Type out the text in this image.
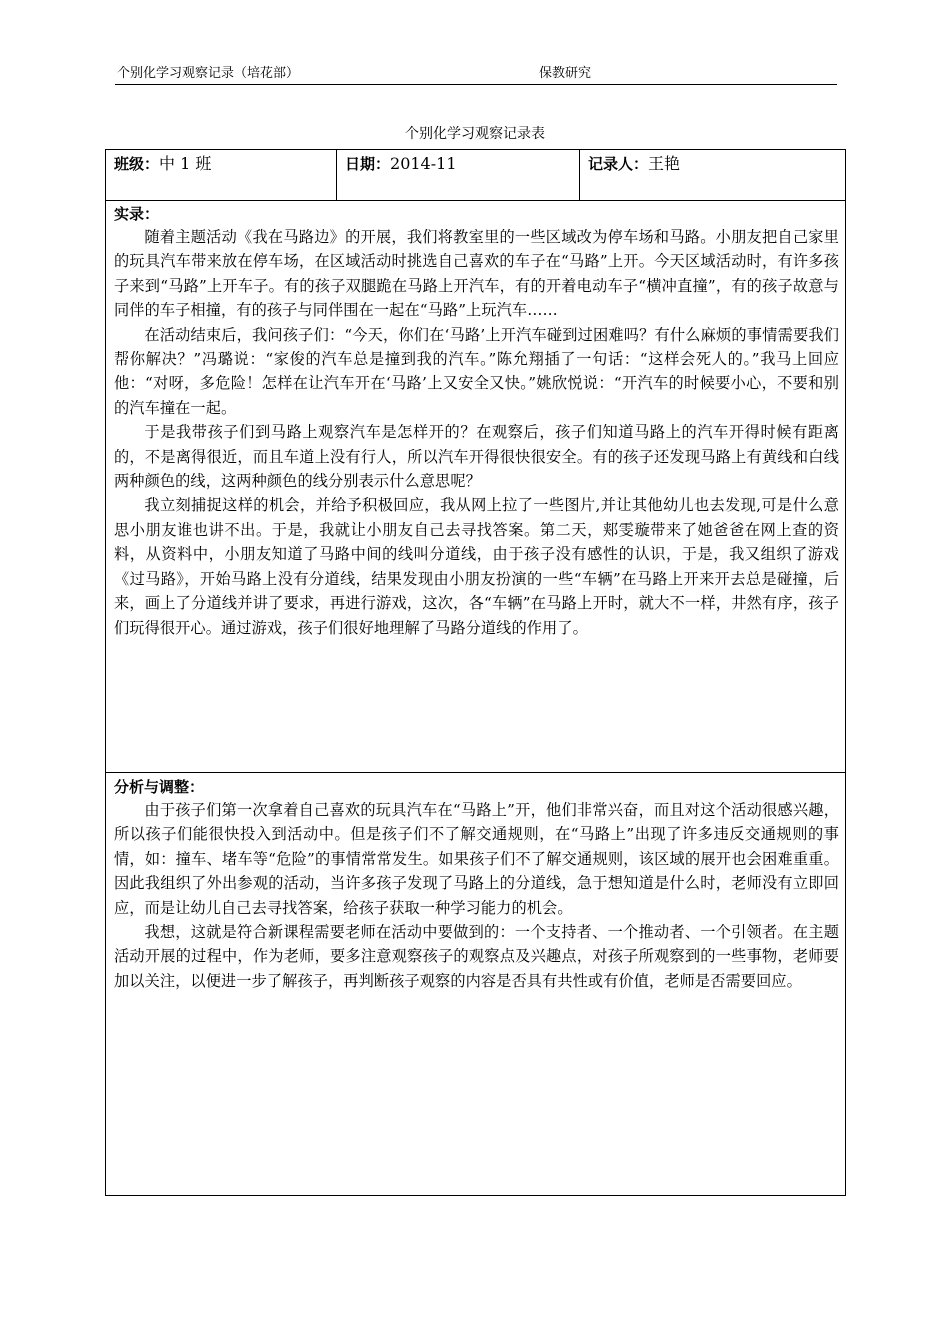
个别化学习观察记录（培花部）	保教研究
个别化学习观察记录表
班级：中 1 班	日期：2014-11	记录人：王艳

实录：

随着主题活动《我在马路边》的开展，我们将教室里的一些区域改为停车场和马路。小朋友把自己家里的玩具汽车带来放在停车场，在区域活动时挑选自己喜欢的车子在“马路”上开。今天区域活动时，有许多孩子来到“马路”上开车子。有的孩子双腿跪在马路上开汽车，有的开着电动车子“横冲直撞”，有的孩子故意与同伴的车子相撞，有的孩子与同伴围在一起在“马路”上玩汽车……

在活动结束后，我问孩子们：“今天，你们在‘马路’上开汽车碰到过困难吗？有什么麻烦的事情需要我们帮你解决？”冯璐说：“家俊的汽车总是撞到我的汽车。”陈允翔插了一句话：“这样会死人的。”我马上回应他：“对呀，多危险！怎样在让汽车开在‘马路’上又安全又快。”姚欣悦说：“开汽车的时候要小心，不要和别的汽车撞在一起。

于是我带孩子们到马路上观察汽车是怎样开的？在观察后，孩子们知道马路上的汽车开得时候有距离的，不是离得很近，而且车道上没有行人，所以汽车开得很快很安全。有的孩子还发现马路上有黄线和白线两种颜色的线，这两种颜色的线分别表示什么意思呢？

我立刻捕捉这样的机会，并给予积极回应，我从网上拉了一些图片,并让其他幼儿也去发现,可是什么意思小朋友谁也讲不出。于是，我就让小朋友自己去寻找答案。第二天，郏雯璇带来了她爸爸在网上查的资料，从资料中，小朋友知道了马路中间的线叫分道线，由于孩子没有感性的认识，于是，我又组织了游戏《过马路》，开始马路上没有分道线，结果发现由小朋友扮演的一些“车辆”在马路上开来开去总是碰撞，后来，画上了分道线并讲了要求，再进行游戏，这次，各“车辆”在马路上开时，就大不一样，井然有序，孩子们玩得很开心。通过游戏，孩子们很好地理解了马路分道线的作用了。

分析与调整：

由于孩子们第一次拿着自己喜欢的玩具汽车在“马路上”开，他们非常兴奋，而且对这个活动很感兴趣，所以孩子们能很快投入到活动中。但是孩子们不了解交通规则，在“马路上”出现了许多违反交通规则的事情，如：撞车、堵车等“危险”的事情常常发生。如果孩子们不了解交通规则，该区域的展开也会困难重重。因此我组织了外出参观的活动，当许多孩子发现了马路上的分道线，急于想知道是什么时，老师没有立即回应，而是让幼儿自己去寻找答案，给孩子获取一种学习能力的机会。

我想，这就是符合新课程需要老师在活动中要做到的：一个支持者、一个推动者、一个引领者。在主题活动开展的过程中，作为老师，要多注意观察孩子的观察点及兴趣点，对孩子所观察到的一些事物，老师要加以关注，以便进一步了解孩子，再判断孩子观察的内容是否具有共性或有价值，老师是否需要回应。
